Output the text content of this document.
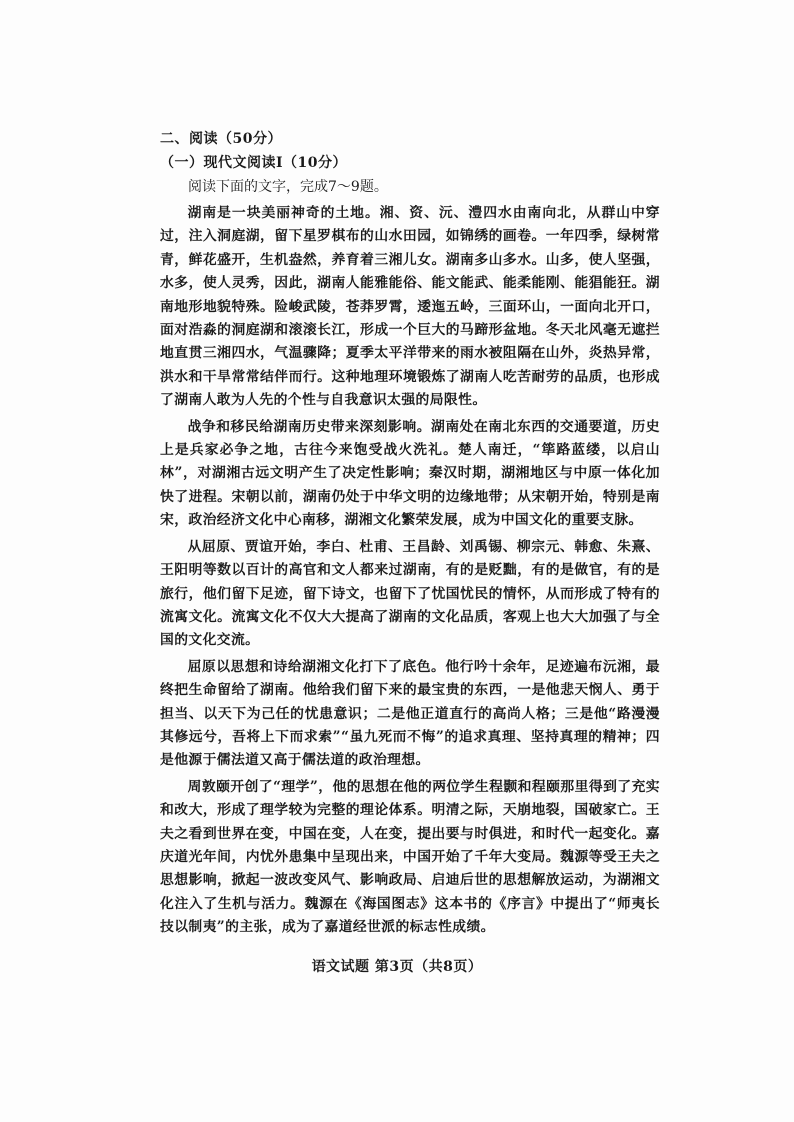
二、阅读（50分）
（一）现代文阅读Ⅰ（10分）
阅读下面的文字，完成7～9题。

湖南是一块美丽神奇的土地。湘、资、沅、澧四水由南向北，从群山中穿过，注入洞庭湖，留下星罗棋布的山水田园，如锦绣的画卷。一年四季，绿树常青，鲜花盛开，生机盎然，养育着三湘儿女。湖南多山多水。山多，使人坚强，水多，使人灵秀，因此，湖南人能雅能俗、能文能武、能柔能刚、能猖能狂。湖南地形地貌特殊。险峻武陵，苍莽罗霄，逶迤五岭，三面环山，一面向北开口，面对浩淼的洞庭湖和滚滚长江，形成一个巨大的马蹄形盆地。冬天北风毫无遮拦地直贯三湘四水，气温骤降；夏季太平洋带来的雨水被阻隔在山外，炎热异常，洪水和干旱常常结伴而行。这种地理环境锻炼了湖南人吃苦耐劳的品质，也形成了湖南人敢为人先的个性与自我意识太强的局限性。

战争和移民给湖南历史带来深刻影响。湖南处在南北东西的交通要道，历史上是兵家必争之地，古往今来饱受战火洗礼。楚人南迁，“筚路蓝缕，以启山林”，对湖湘古远文明产生了决定性影响；秦汉时期，湖湘地区与中原一体化加快了进程。宋朝以前，湖南仍处于中华文明的边缘地带；从宋朝开始，特别是南宋，政治经济文化中心南移，湖湘文化繁荣发展，成为中国文化的重要支脉。

从屈原、贾谊开始，李白、杜甫、王昌龄、刘禹锡、柳宗元、韩愈、朱熹、王阳明等数以百计的高官和文人都来过湖南，有的是贬黜，有的是做官，有的是旅行，他们留下足迹，留下诗文，也留下了忧国忧民的情怀，从而形成了特有的流寓文化。流寓文化不仅大大提高了湖南的文化品质，客观上也大大加强了与全国的文化交流。

屈原以思想和诗给湖湘文化打下了底色。他行吟十余年，足迹遍布沅湘，最终把生命留给了湖南。他给我们留下来的最宝贵的东西，一是他悲天悯人、勇于担当、以天下为己任的忧患意识；二是他正道直行的高尚人格；三是他“路漫漫其修远兮，吾将上下而求索”“虽九死而不悔”的追求真理、坚持真理的精神；四是他源于儒法道又高于儒法道的政治理想。

周敦颐开创了“理学”，他的思想在他的两位学生程颢和程颐那里得到了充实和改大，形成了理学较为完整的理论体系。明清之际，天崩地裂，国破家亡。王夫之看到世界在变，中国在变，人在变，提出要与时俱进，和时代一起变化。嘉庆道光年间，内忧外患集中呈现出来，中国开始了千年大变局。魏源等受王夫之思想影响，掀起一波改变风气、影响政局、启迪后世的思想解放运动，为湖湘文化注入了生机与活力。魏源在《海国图志》这本书的《序言》中提出了“师夷长技以制夷”的主张，成为了嘉道经世派的标志性成绩。

语文试题 第3页（共8页）
